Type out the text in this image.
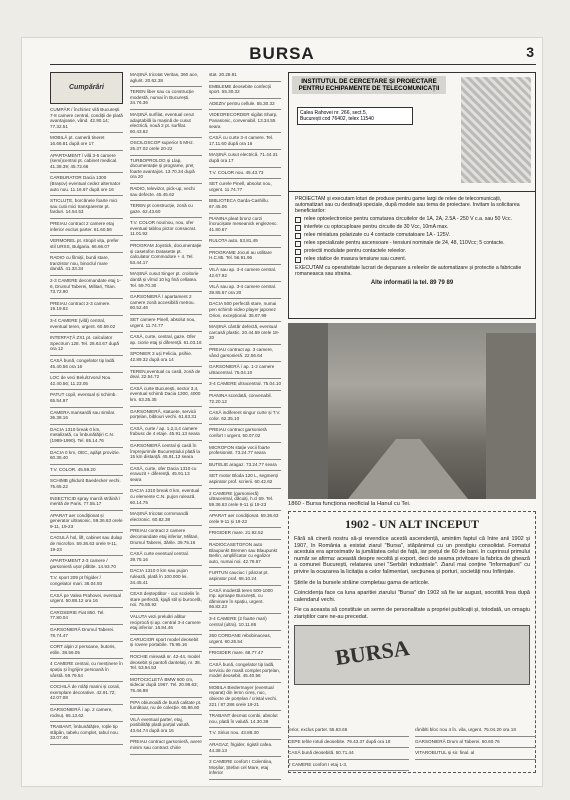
BURSA	3
Cumpărări
CUMPĂR / închiriez vilă București 7-8 camere central, condiții de plată avantajoase, vând. 42.90.14; 77.32.51
MOBILĂ pt. cameră tineret 16.66.81 după ore 17
APARTAMENT / vilă 3-5 camere (semi)central pt. cabinet medical. 41.38.39; 45.72.66
CARBURATOR Dacia 1300 (Brașov) eventual cedez alternator auto nou. 11.16.67 după ore 16
STICLUȚE, borcănele foarte mici sau cutii mici transparente pt. farduri. 14.54.53
PREIAU contract 2 camere etaj inferior exclus parter. 81.60.56
VERMOREL pt. stropit vița, prefer stil URSS, Bulgaria. 66.66.07
RADIO cu filmiții, bună stare, tranzistor nou, binoclul mare dandă. 41.33.34
2-3 CAMERE decomandate etaj 1-6, Drumul Taberei, Militari, Titan. 73.72.90
PREIAU contract 2-3 camere. 19.19.62
3-4 CAMERE (vilă) central, eventual teren, urgent. 60.59.02
INTERFAȚĂ ZX1 pt. calculator Spectrum 128. Tel. 28.63.67 după ora 12
CASĂ bună, congelator tip ladă. 45.40.56 ora 16
LOC de veci Belu/Izvorul Nou. 42.40.56; 11.23.05
PATUT copil, eventual și schimb. 65.54.97
CAMERA mansardă sau similar. 36.38.16
DACIA 1310 break 0 km, metalizată, cu îmbunătățiri C.N. (1989-1990). Tel. 65.14.76
DACIA 0 km, OEC, apăpt provizie. 60.35.40
T.V. COLOR. 45.59.20
SCHIMB ghidurit Baedecker vechi. 75.65.22
INSECTICID spray marcă străină / merită de Paris. 77.55.17
APARAT aer condiționat și generator ultrasonic. 59.36.63 orele 9-11, 19-23
CAGULĂ hol, lift, cabinet sau dulap de microfon. 59.36.63 orele 9-11, 19-23
APARTAMENT 2-3 camere / garsonieră ușor plătite. 14.93.70
T.V. sport 209 pt frigider / congelator mari. 36.04.93
CASĂ pe Valea Prahovei, eventual urgent. 50.88.12 ora 16
CAROSERIE Fiat 850. Tel. 77.80.04
GARSONIERĂ Drumul Taberei. 78.74.47
CORT alpin 2 persoane, butoris, etilin. 38.56.05
4 CAMERE central, cu menținere în spațiu și îngrijire persoană în vârstă. 59.79.54
COCHILĂ de rolăți marini și corali, exemplare decorative. 42.91.72; 42.07.08
GARSONIERĂ / ap. 2 camere, rodnuț. 65.13.62
TRABANT, îmbunătățire, roțile tip stăpân, tabelu complet, tabul nou. 33.07.46
MAȘINĂ tricotat Veritas, 360 ace, aglurit. 20.62.38
TEREN liber sau cu construcție modestă, numai în București. 34.76.36
MAȘINĂ surfilat, eventual cerut adaptabilă la mașină de cusut electrică, nouă 2 pt. surfilat. 60.43.62
OSCILOSCOP superior 5 MHz. 25.37.02 orele 20-22
TURBOPROLOG și Llap, documentație și programe, preț foarte avantajos. 13.70.34 după ora 20
RADIO, televizor, pick-up, vechi sau defecte. 45.45.62
TEREN pt construcție, zonă cu gaze. 62.43.60
T.V. COLOR nou/nou, nou, ofer eventual tablou pictor consacrat. 11.01.92
PROGRAM Joystick, documentație și casetofon Datasette pt. calculator Commodore + 4. Tel. 53.44.17
MAȘINĂ cusut Singer pt. croitorie dantă și vîrnd 10 kg fină cellatea. Tel. 59.70.30
GARSONIERĂ / apartament 2 camere zonă accesibilă metrou. 60.52.46
SET camere Pinell, absolut nou, urgent. 11.74.77
CASĂ, curte, central, gaze. Ofer ap. ciorie etaj și diferență. 61.03.16
SPONIER 3 uși Felicia, psihie. 42.89.32 după ora 14
TEREN,eventual cu casă, zonă de deal. 22.54.72
CASĂ curte București, sector 3,4, eventual schimb Dacia 1300, 4000 km. 63.35.35
GARSONIERĂ, statuete, servicii porțelan, biblouri vechi. 61.63.31
CASĂ, curte / ap. 1,2,3,4 camere frabusc de 4 etaje. 45.91.13 seara
GARSONIERĂ central și casă în împrejurimile Bucureștiului plată la 15 km distanță. 45.91.13 seara
CASĂ, curte, ofer Dacia 1310 cu eravuzit + diferență. 45.91.13 seara
DACIA 1310 break 0 km, eventual cu elemente C.N. pujon rulează. 60.14.75
MAȘINĂ tricotat cormmandă electronic. 60.82.38
PREIAU contract 2 camere decomandate etaj inferior, Militari, Drumul Taberei, 3ările. 39.75.16
CASĂ curte eventual central. 39.75.16
DACIA 1310 0 km sau pujon rulează, plată în 100.000 lei. 34.45.41
CEAS deșteptător - cuc scolelis în stare perfectă, kjajă stil și burocelă, noi. 75.55.92
VALUTA vezi preluări alătur reciprocă și ap. central 3-4 camere etaj inferior. 16.84.46
CARUCIOR sport model deosebit și rovere portabile. 75.95.16
ROCHIE mireasă nr. 42-44, model deosebit și pantofi dantelați, nr. 38. Tel. 53.94.53
MOTOCICLETĂ BMW 600 cm, sidecar după 1967. Tel. 20.98.63; 76.46.98
PIPA obiunoală de bună calitate pt. fumătoar, nu de colecție. 65.86.60
VILĂ eventual parter, etaj, posibilități plată parțial valută. 43.64.74 după ora 16
PREIAU contract garsonieră, avere minim sau contract chirie
stat. 20.28.91
EMBLEME deosebite confecții sport. 55.30.32
ADEZIV pentru cellule. 55.30.32
VIDEORECORDER sigilat Sharp, Panasonic, convenabil. 13.34.55 seara
CASĂ cu curte 3-4 camere. Tel. 17.11.60 după ora 16
MAȘINĂ cusut electrică. 71.44.31 după ora 17
T.V. COLOR nou. 45.43.73
SET curele Pinell, absolut nou, urgent. 11.74.77
BIBLIOTECA Garda-Cashillu. 67.45.06
PIANINA pleat bronz corzi încrucișate meseanick englezesc. 41.80.67
RULOTA auto. 53.81.49
PROGRAME Jocuri au utilitare H.C.85. Tel. 56.91.96
VILĂ sau ap. 3-4 camere central. 42.67.92
VILĂ sau ap. 3-4 camere central. 39.85.67 ora 20
DACIA 500 perfectă stare, numai pen schimb video player japonez Orion, excepțional. 35.67.99
MAȘINĂ cântăr defectă, eventual carcasă plastic. 20.44.59 orele 18-20
PREIAU contract ap. 3 camere, vând garsonieră. 22.56.64
GARSONIERĂ / ap. 1-2 camere ultracentral. 75.04.10
3-4 CAMERE ultracentral. 75.04.10
PIANINA scordată, convenabil. 72.20.12
CASĂ indiferent singur curte și T.V. color. 62.35.10
PREIAU contract garsonieră confort I urgent. 50.07.02
MICROFON stație vocii foarte profesionist. 73.24.77 seara
BUTELIE aragaz. 73.24.77 seara
SET motor Bloda 120 L, segmenți aspirator prof. scrierii. 60.42.62
2 CAMERE (garsonieră) ultracentral, dăcuiți, h.cl 69. Tel. 59.36.63 orele 9-11 și 19-23
APARAT aer condiționat. 59.36.63 orele 9-11 și 19-23
FRIGIDER mare. 21.92.52
RADIOCASETOFON auto Blaupunkt Bremen sau Blaupunkt Berlin, amplificator cu egalizor auto, numai noi. 42.78.67
FURTUN cauciuc / pânzat pt. aspirator praf. 68.10.24
CASĂ modestă teren 500-1000 mp. aproape București, cu dăminare în spațiu, urgent. 66.82.23
3-4 CAMERE (2 foarte mari) central (ultra). 10.11.86
260 CORDANE rebobinaceas, urgent. 60.26.54
FRIGIDER mare. 68.77.47
CASĂ bună, congelator tip ladă, serviciu de masă complet porțelan, model deosebit. 45.40.56
MOBILA Biedermayer (eventual reparat) din lemn cireș, nuc, obiecte de porțelan / cristal vechi. 221 / 87.286 orele 19-21
TRABANT decmat combi, absolut nou, plată în valută. 14.30.39
T.V. Sirius nou. 43.88.30
ARAGAZ, frigider, rigistil cafea. 44.38.13
3 CAMERE confort I Colentina, Moșilor, Ștefan cel Mare, etaj inferior
INSTITUTUL DE CERCETARE ȘI PROIECTARE PENTRU ECHIPAMENTE DE TELECOMUNICAȚII
Calea Rahovei nr. 266, sect.5,
București cod 76402, telex 11540
PROIECTAM și executam loturi de produse pentru game largi de relee de telecomunicații, automatizari sau cu destinații speciale, după modele sau tema de proiectare. Invitam la solicitarea beneficiarilor:
relee optoelectronice pentru comutarea circuitelor de 1A, 2A, 2.5A - 250 V c.a. sau 50 Vcc.
interfete cu optocuploare pentru circuite de 30 Vcc, 10mA max.
relee miniatura polarizate cu 4 contacte comutatoare 1A - 125V.
relee specializate pentru ascensoare - tensiuni nominale de 24, 48, 110Vcc; 5 contacte.
protectii modulate pentru contactele releelor.
relee statice de masura tensiune sau curent.
EXECUTAM cu operativitate lucrari de depanare a releelor de automatizare și protectie a fabricatie romaneasca sau straina.
Alte informatii la tel. 89 79 89
1860 - Bursa funcționa neoficial la Hanul cu Tei.
1902 - UN ALT INCEPUT

Fără să cineră nostru să-și revendice acestă ascendență, amintim faptul că între anii 1902 și 1907, în România a existat ziarul "Bursa", stăpânimul cu un prestigiu consolidat. Formatul acestuia era aproximativ la jumătatea celui de față, iar prețul de 60 de bani. In cuprinsul primului număr se afirma: această despre recoltă și export, deci de seama privitoare la fabrica de ghează a comunei București, relatarea unei "Serbări industriale". Ziarul mai conține "Informațiuni" cu privire la ocazarea la licitația a celor falimentari, secțiunea și porturi, societăți nou înființate.

Știrile de la bursele străine completau gama de articole.

Coincidența face ca luna aparitiei ziarului "Bursa" din 1902 să fie iar august, socotită însa după calendarul vechi.

Fie ca aceasta să constituie un semn de personalitate a propriei publicații și, totodată, un omagiu ziariștilor care ne-au precedat.

BURSA
ferior, exclus parter. 55.63.66
CEPE tehle rotuli deosebite. 79.43.37 după ora 18
CASĂ bună deosebită. 50.71.44
2 CAMERE confort I etaj 1-3,
râniblti bloc nou 4 în. vila, urgent. 75.04.20 ora 18
GARSONIERĂ Drum al Taberei. 60.60.76
VITAROBUTUL și sir. final. al
